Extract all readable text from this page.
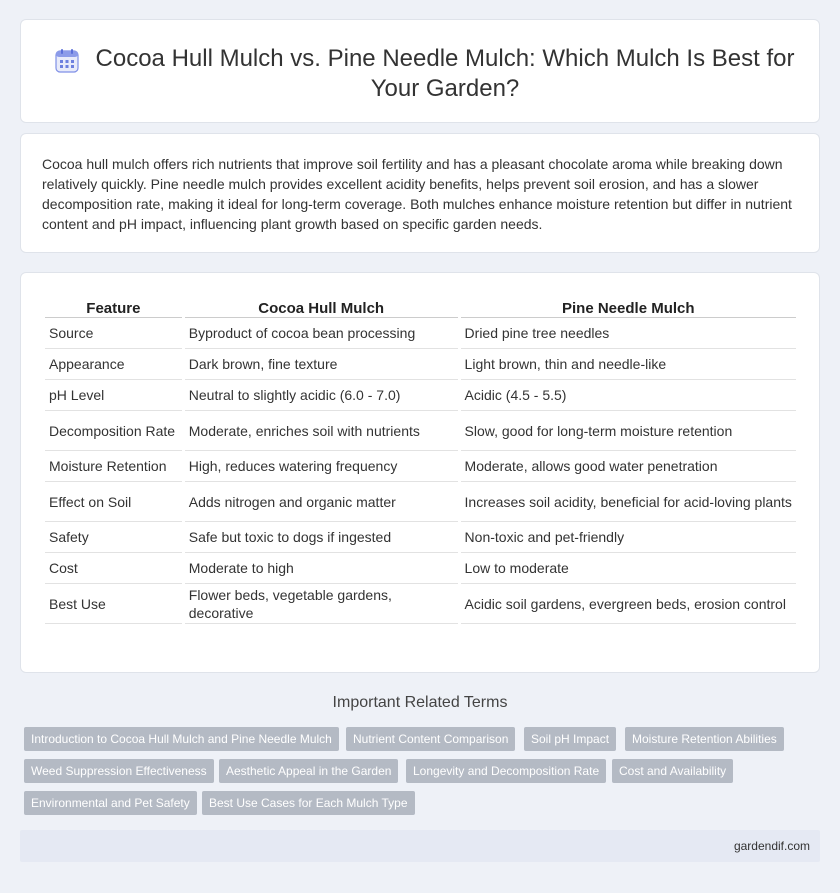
Cocoa Hull Mulch vs. Pine Needle Mulch: Which Mulch Is Best for Your Garden?

Cocoa hull mulch offers rich nutrients that improve soil fertility and has a pleasant chocolate aroma while breaking down relatively quickly. Pine needle mulch provides excellent acidity benefits, helps prevent soil erosion, and has a slower decomposition rate, making it ideal for long-term coverage. Both mulches enhance moisture retention but differ in nutrient content and pH impact, influencing plant growth based on specific garden needs.

Feature	Cocoa Hull Mulch	Pine Needle Mulch
Source	Byproduct of cocoa bean processing	Dried pine tree needles
Appearance	Dark brown, fine texture	Light brown, thin and needle-like
pH Level	Neutral to slightly acidic (6.0 - 7.0)	Acidic (4.5 - 5.5)
Decomposition Rate	Moderate, enriches soil with nutrients	Slow, good for long-term moisture retention
Moisture Retention	High, reduces watering frequency	Moderate, allows good water penetration
Effect on Soil	Adds nitrogen and organic matter	Increases soil acidity, beneficial for acid-loving plants
Safety	Safe but toxic to dogs if ingested	Non-toxic and pet-friendly
Cost	Moderate to high	Low to moderate
Best Use	Flower beds, vegetable gardens, decorative	Acidic soil gardens, evergreen beds, erosion control
Important Related Terms
Introduction to Cocoa Hull Mulch and Pine Needle Mulch	Nutrient Content Comparison	Soil pH Impact	Moisture Retention Abilities
Weed Suppression Effectiveness	Aesthetic Appeal in the Garden	Longevity and Decomposition Rate	Cost and Availability
Environmental and Pet Safety	Best Use Cases for Each Mulch Type
gardendif.com
